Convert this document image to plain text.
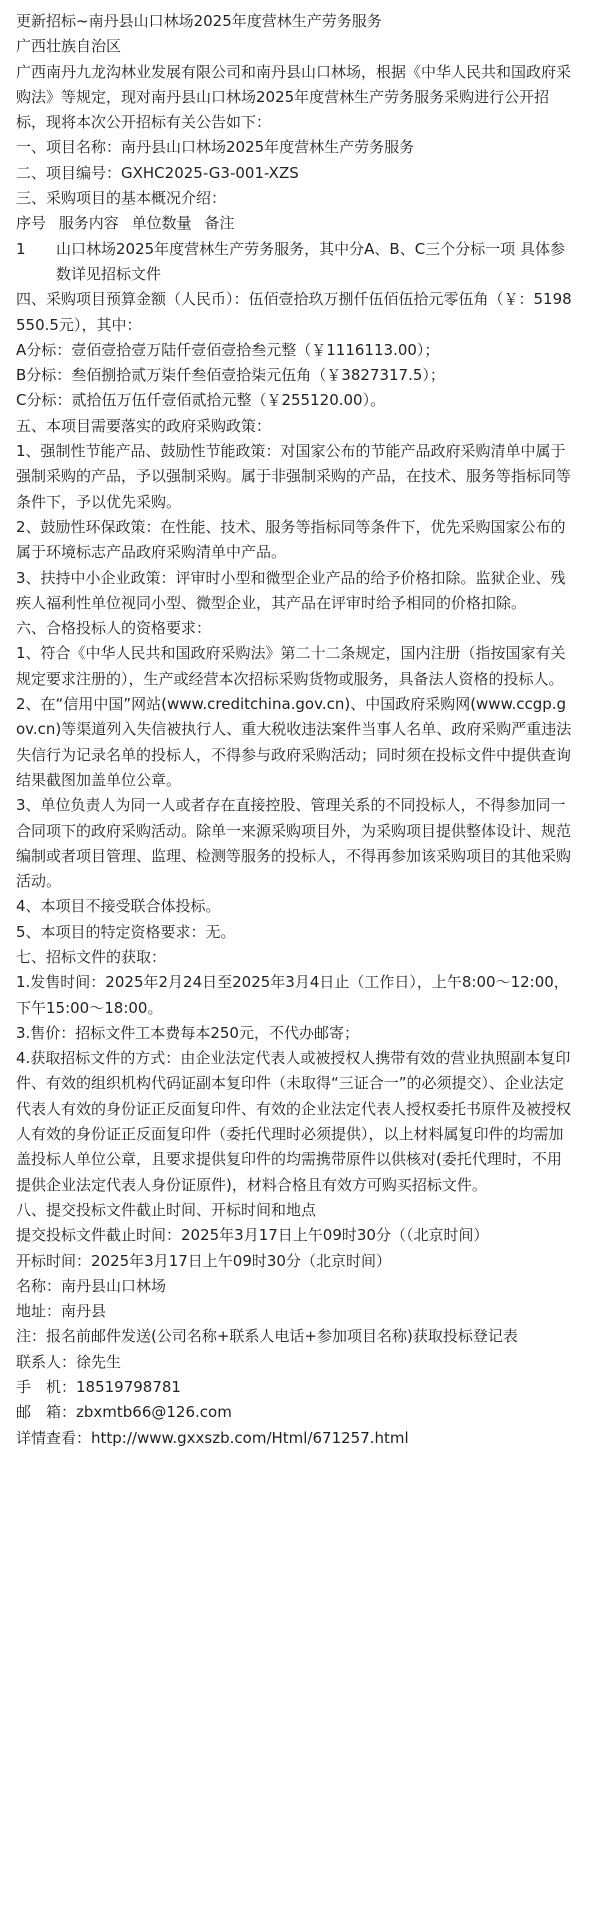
更新招标~南丹县山口林场2025年度营林生产劳务服务

广西壮族自治区

广西南丹九龙沟林业发展有限公司和南丹县山口林场，根据《中华人民共和国政府采购法》等规定，现对南丹县山口林场2025年度营林生产劳务服务采购进行公开招标，现将本次公开招标有关公告如下：

一、项目名称：南丹县山口林场2025年度营林生产劳务服务

二、项目编号：GXHC2025-G3-001-XZS

三、采购项目的基本概况介绍：

序号 服务内容 单位数量 备注
1	山口林场2025年度营林生产劳务服务，其中分A、B、C三个分标一项 具体参数详见招标文件

四、采购项目预算金额（人民币）：伍佰壹拾玖万捌仟伍佰伍拾元零伍角（￥：5198550.5元），其中：

A分标：壹佰壹拾壹万陆仟壹佰壹拾叁元整（￥1116113.00）；

B分标：叁佰捌拾贰万柒仟叁佰壹拾柒元伍角（￥3827317.5）；

C分标：贰拾伍万伍仟壹佰贰拾元整（￥255120.00）。

五、本项目需要落实的政府采购政策：

1、强制性节能产品、鼓励性节能政策：对国家公布的节能产品政府采购清单中属于强制采购的产品，予以强制采购。属于非强制采购的产品，在技术、服务等指标同等条件下，予以优先采购。

2、鼓励性环保政策：在性能、技术、服务等指标同等条件下，优先采购国家公布的属于环境标志产品政府采购清单中产品。

3、扶持中小企业政策：评审时小型和微型企业产品的给予价格扣除。监狱企业、残疾人福利性单位视同小型、微型企业，其产品在评审时给予相同的价格扣除。

六、合格投标人的资格要求：

1、符合《中华人民共和国政府采购法》第二十二条规定，国内注册（指按国家有关规定要求注册的），生产或经营本次招标采购货物或服务，具备法人资格的投标人。

2、在“信用中国”网站(www.creditchina.gov.cn)、中国政府采购网(www.ccgp.gov.cn)等渠道列入失信被执行人、重大税收违法案件当事人名单、政府采购严重违法失信行为记录名单的投标人，不得参与政府采购活动；同时须在投标文件中提供查询结果截图加盖单位公章。

3、单位负责人为同一人或者存在直接控股、管理关系的不同投标人，不得参加同一合同项下的政府采购活动。除单一来源采购项目外，为采购项目提供整体设计、规范编制或者项目管理、监理、检测等服务的投标人，不得再参加该采购项目的其他采购活动。

4、本项目不接受联合体投标。

5、本项目的特定资格要求：无。

七、招标文件的获取：

1.发售时间：2025年2月24日至2025年3月4日止（工作日），上午8:00～12:00，下午15:00～18:00。

3.售价：招标文件工本费每本250元，不代办邮寄；

4.获取招标文件的方式：由企业法定代表人或被授权人携带有效的营业执照副本复印件、有效的组织机构代码证副本复印件（未取得“三证合一”的必须提交）、企业法定代表人有效的身份证正反面复印件、有效的企业法定代表人授权委托书原件及被授权人有效的身份证正反面复印件（委托代理时必须提供），以上材料属复印件的均需加盖投标人单位公章，且要求提供复印件的均需携带原件以供核对(委托代理时，不用提供企业法定代表人身份证原件)，材料合格且有效方可购买招标文件。

八、提交投标文件截止时间、开标时间和地点

提交投标文件截止时间：2025年3月17日上午09时30分（（北京时间）

开标时间：2025年3月17日上午09时30分（北京时间）

名称：南丹县山口林场

地址：南丹县

注：报名前邮件发送(公司名称+联系人电话+参加项目名称)获取投标登记表

联系人：徐先生

手　机：18519798781

邮　箱：zbxmtb66@126.com

详情查看：http://www.gxxszb.com/Html/671257.html
